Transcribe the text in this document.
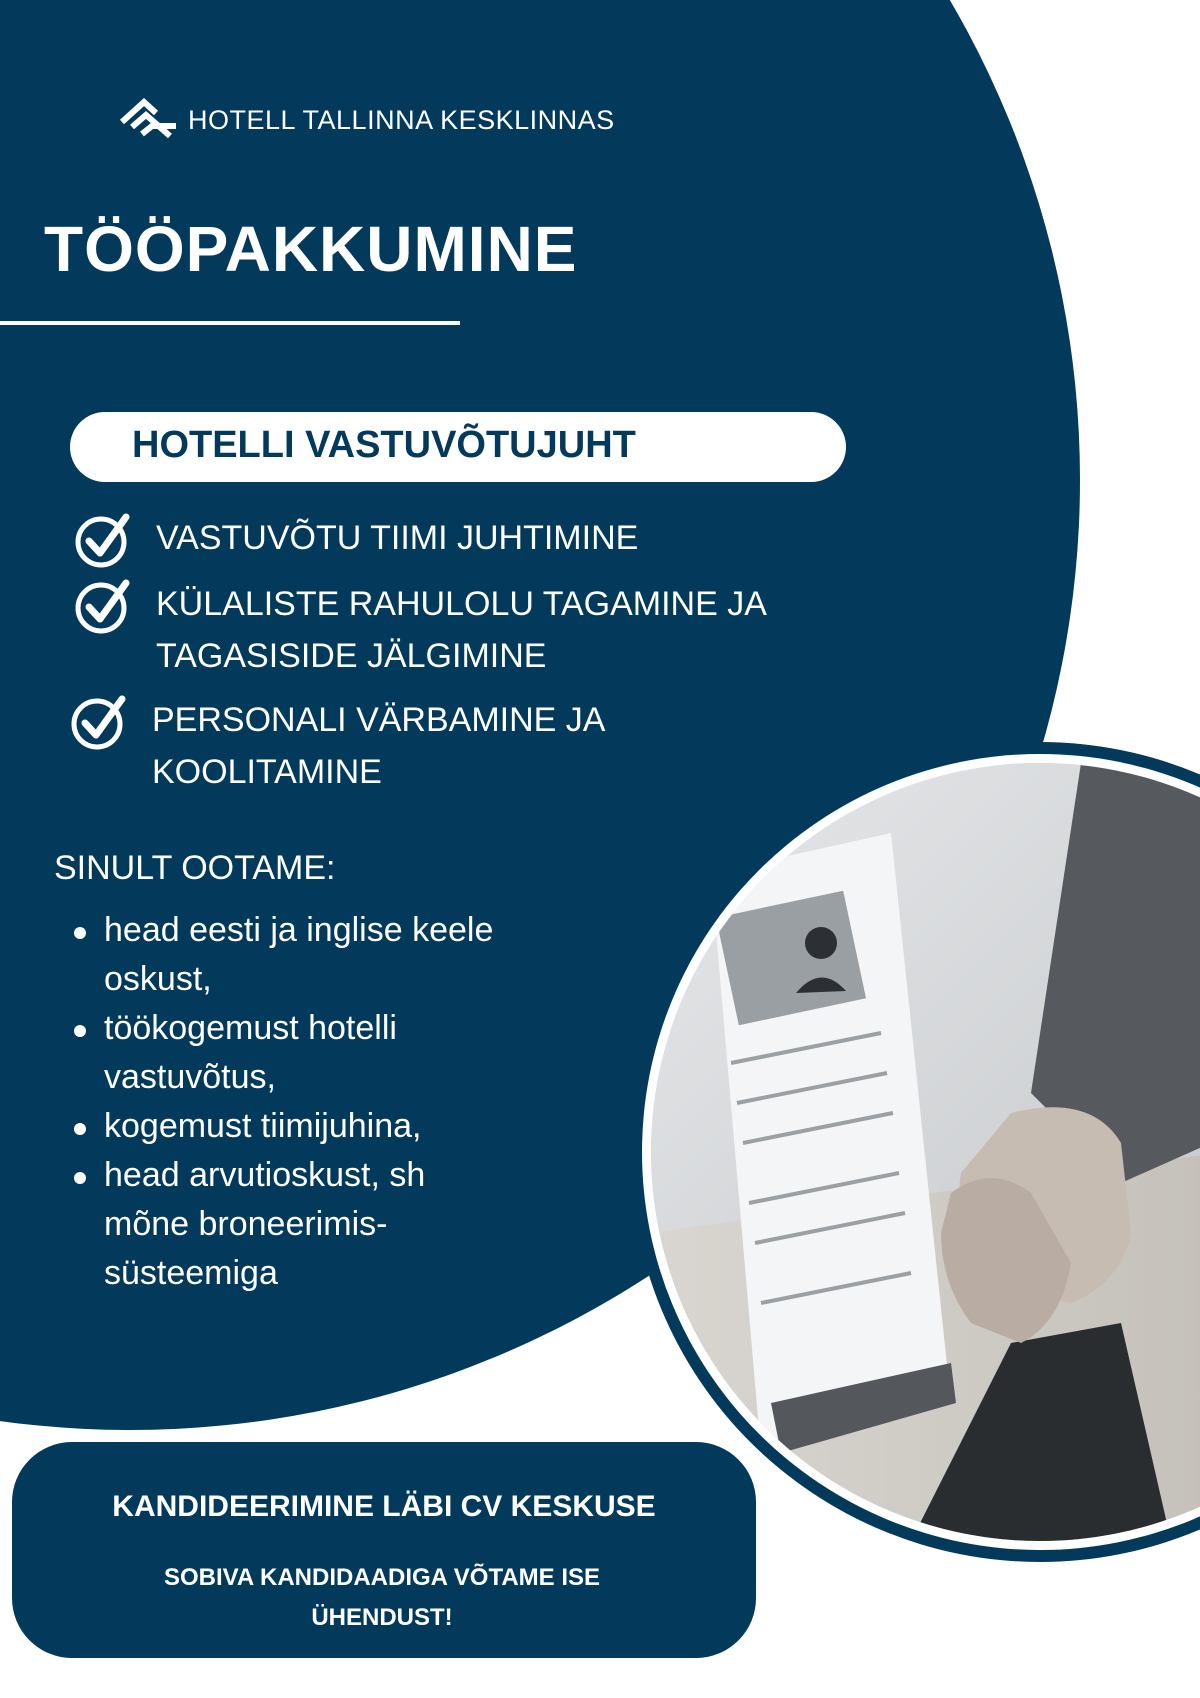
HOTELL TALLINNA KESKLINNAS
TÖÖPAKKUMINE
HOTELLI VASTUVÕTUJUHT
VASTUVÕTU TIIMI JUHTIMINE
KÜLALISTE RAHULOLU TAGAMINE JA
TAGASISIDE JÄLGIMINE
PERSONALI VÄRBAMINE JA
KOOLITAMINE
SINULT OOTAME:
head eesti ja inglise keele
oskust,
töökogemust hotelli
vastuvõtus,
kogemust tiimijuhina,
head arvutioskust, sh
mõne broneerimis-
süsteemiga
KANDIDEERIMINE LÄBI CV KESKUSE
SOBIVA KANDIDAADIGA VÕTAME ISE
ÜHENDUST!
